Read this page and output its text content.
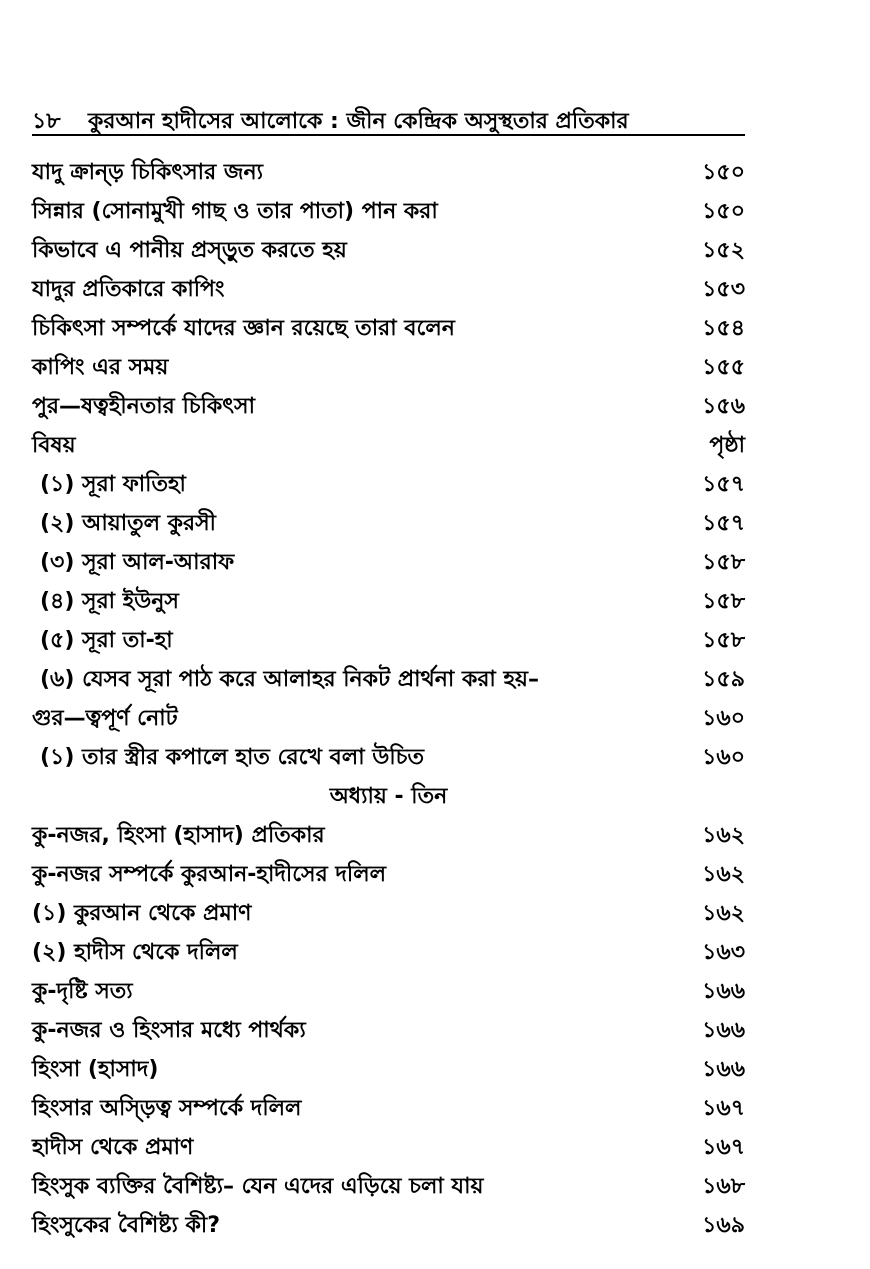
১৮ কুরআন হাদীসের আলোকে : জীন কেন্দ্রিক অসুস্থতার প্রতিকার
যাদু ক্রান্ড় চিকিৎসার জন্য	১৫০
সিন্নার (সোনামুখী গাছ ও তার পাতা) পান করা	১৫০
কিভাবে এ পানীয় প্রস্ড়ুত করতে হয়	১৫২
যাদুর প্রতিকারে কাপিং	১৫৩
চিকিৎসা সম্পর্কে যাদের জ্ঞান রয়েছে তারা বলেন	১৫৪
কাপিং এর সময়	১৫৫
পুর—ষত্বহীনতার চিকিৎসা	১৫৬
বিষয়	পৃষ্ঠা
(১) সূরা ফাতিহা	১৫৭
(২) আয়াতুল কুরসী	১৫৭
(৩) সূরা আল-আরাফ	১৫৮
(৪) সূরা ইউনুস	১৫৮
(৫) সূরা তা-হা	১৫৮
(৬) যেসব সূরা পাঠ করে আলাহর নিকট প্রার্থনা করা হয়–	১৫৯
গুর—ত্বপূর্ণ নোট	১৬০
(১) তার স্ত্রীর কপালে হাত রেখে বলা উচিত	১৬০
অধ্যায় - তিন
কু-নজর, হিংসা (হাসাদ) প্রতিকার	১৬২
কু-নজর সম্পর্কে কুরআন-হাদীসের দলিল	১৬২
(১) কুরআন থেকে প্রমাণ	১৬২
(২) হাদীস থেকে দলিল	১৬৩
কু-দৃষ্টি সত্য	১৬৬
কু-নজর ও হিংসার মধ্যে পার্থক্য	১৬৬
হিংসা (হাসাদ)	১৬৬
হিংসার অস্ড়িত্ব সম্পর্কে দলিল	১৬৭
হাদীস থেকে প্রমাণ	১৬৭
হিংসুক ব্যক্তির বৈশিষ্ট্য– যেন এদের এড়িয়ে চলা যায়	১৬৮
হিংসুকের বৈশিষ্ট্য কী?	১৬৯
